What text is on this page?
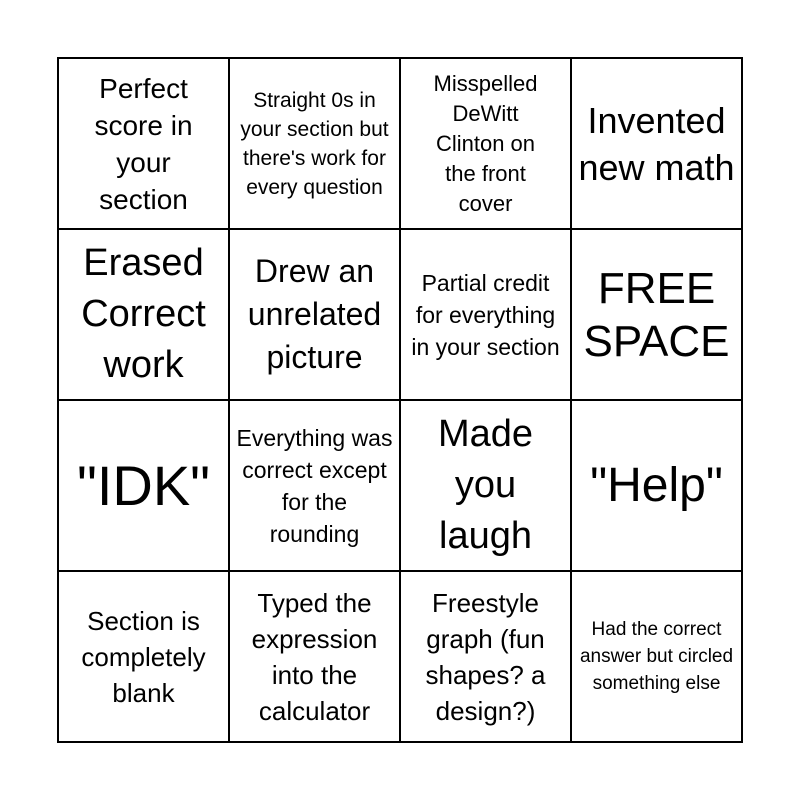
Perfect score in your section
Straight 0s in your section but there's work for every question
Misspelled DeWitt Clinton on the front cover
Invented new math
Erased Correct work
Drew an unrelated picture
Partial credit for everything in your section
FREE SPACE
"IDK"
Everything was correct except for the rounding
Made you laugh
"Help"
Section is completely blank
Typed the expression into the calculator
Freestyle graph (fun shapes? a design?)
Had the correct answer but circled something else
